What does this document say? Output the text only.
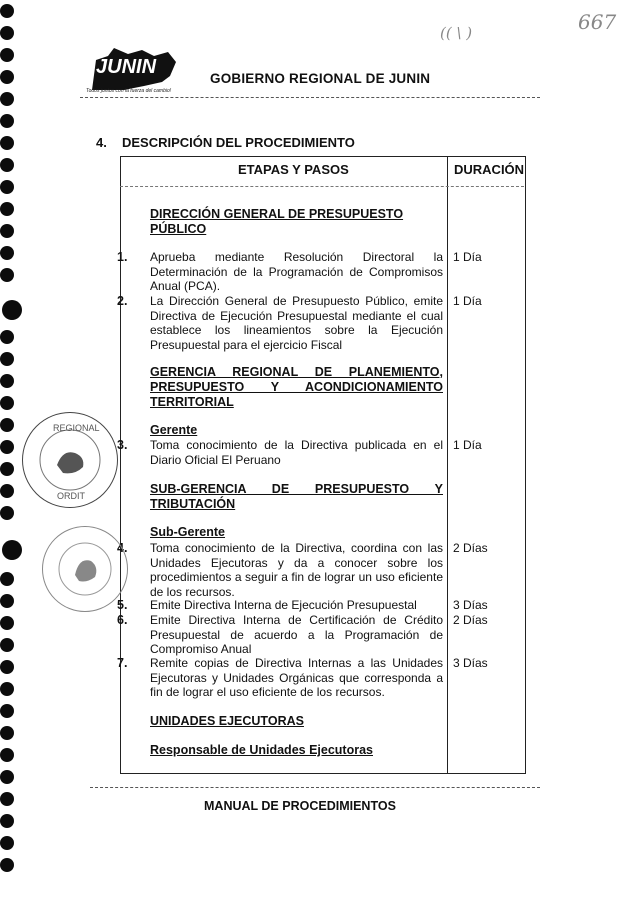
(( \ )	667
JUNIN
Todos juntos con la fuerza del cambio!
GOBIERNO REGIONAL DE JUNIN
4. DESCRIPCIÓN DEL PROCEDIMIENTO
ETAPAS Y PASOS	DURACIÓN
DIRECCIÓN GENERAL DE PRESUPUESTO PÚBLICO
1. Aprueba mediante Resolución Directoral la Determinación de la Programación de Compromisos Anual (PCA).
1 Día
2. La Dirección General de Presupuesto Público, emite Directiva de Ejecución Presupuestal mediante el cual establece los lineamientos sobre la Ejecución Presupuestal para el ejercicio Fiscal
1 Día
GERENCIA REGIONAL DE PLANEMIENTO, PRESUPUESTO Y ACONDICIONAMIENTO TERRITORIAL
Gerente
3. Toma conocimiento de la Directiva publicada en el Diario Oficial El Peruano
1 Día
SUB-GERENCIA DE PRESUPUESTO Y TRIBUTACIÓN
Sub-Gerente
4. Toma conocimiento de la Directiva, coordina con las Unidades Ejecutoras y da a conocer sobre los procedimientos a seguir a fin de lograr un uso eficiente de los recursos.
2 Días
5. Emite Directiva Interna de Ejecución Presupuestal	3 Días
6. Emite Directiva Interna de Certificación de Crédito Presupuestal de acuerdo a la Programación de Compromiso Anual
2 Días
7. Remite copias de Directiva Internas a las Unidades Ejecutoras y Unidades Orgánicas que corresponda a fin de lograr el uso eficiente de los recursos.
3 Días
UNIDADES EJECUTORAS
Responsable de Unidades Ejecutoras
REGIONAL
ORDIT
MANUAL DE PROCEDIMIENTOS
